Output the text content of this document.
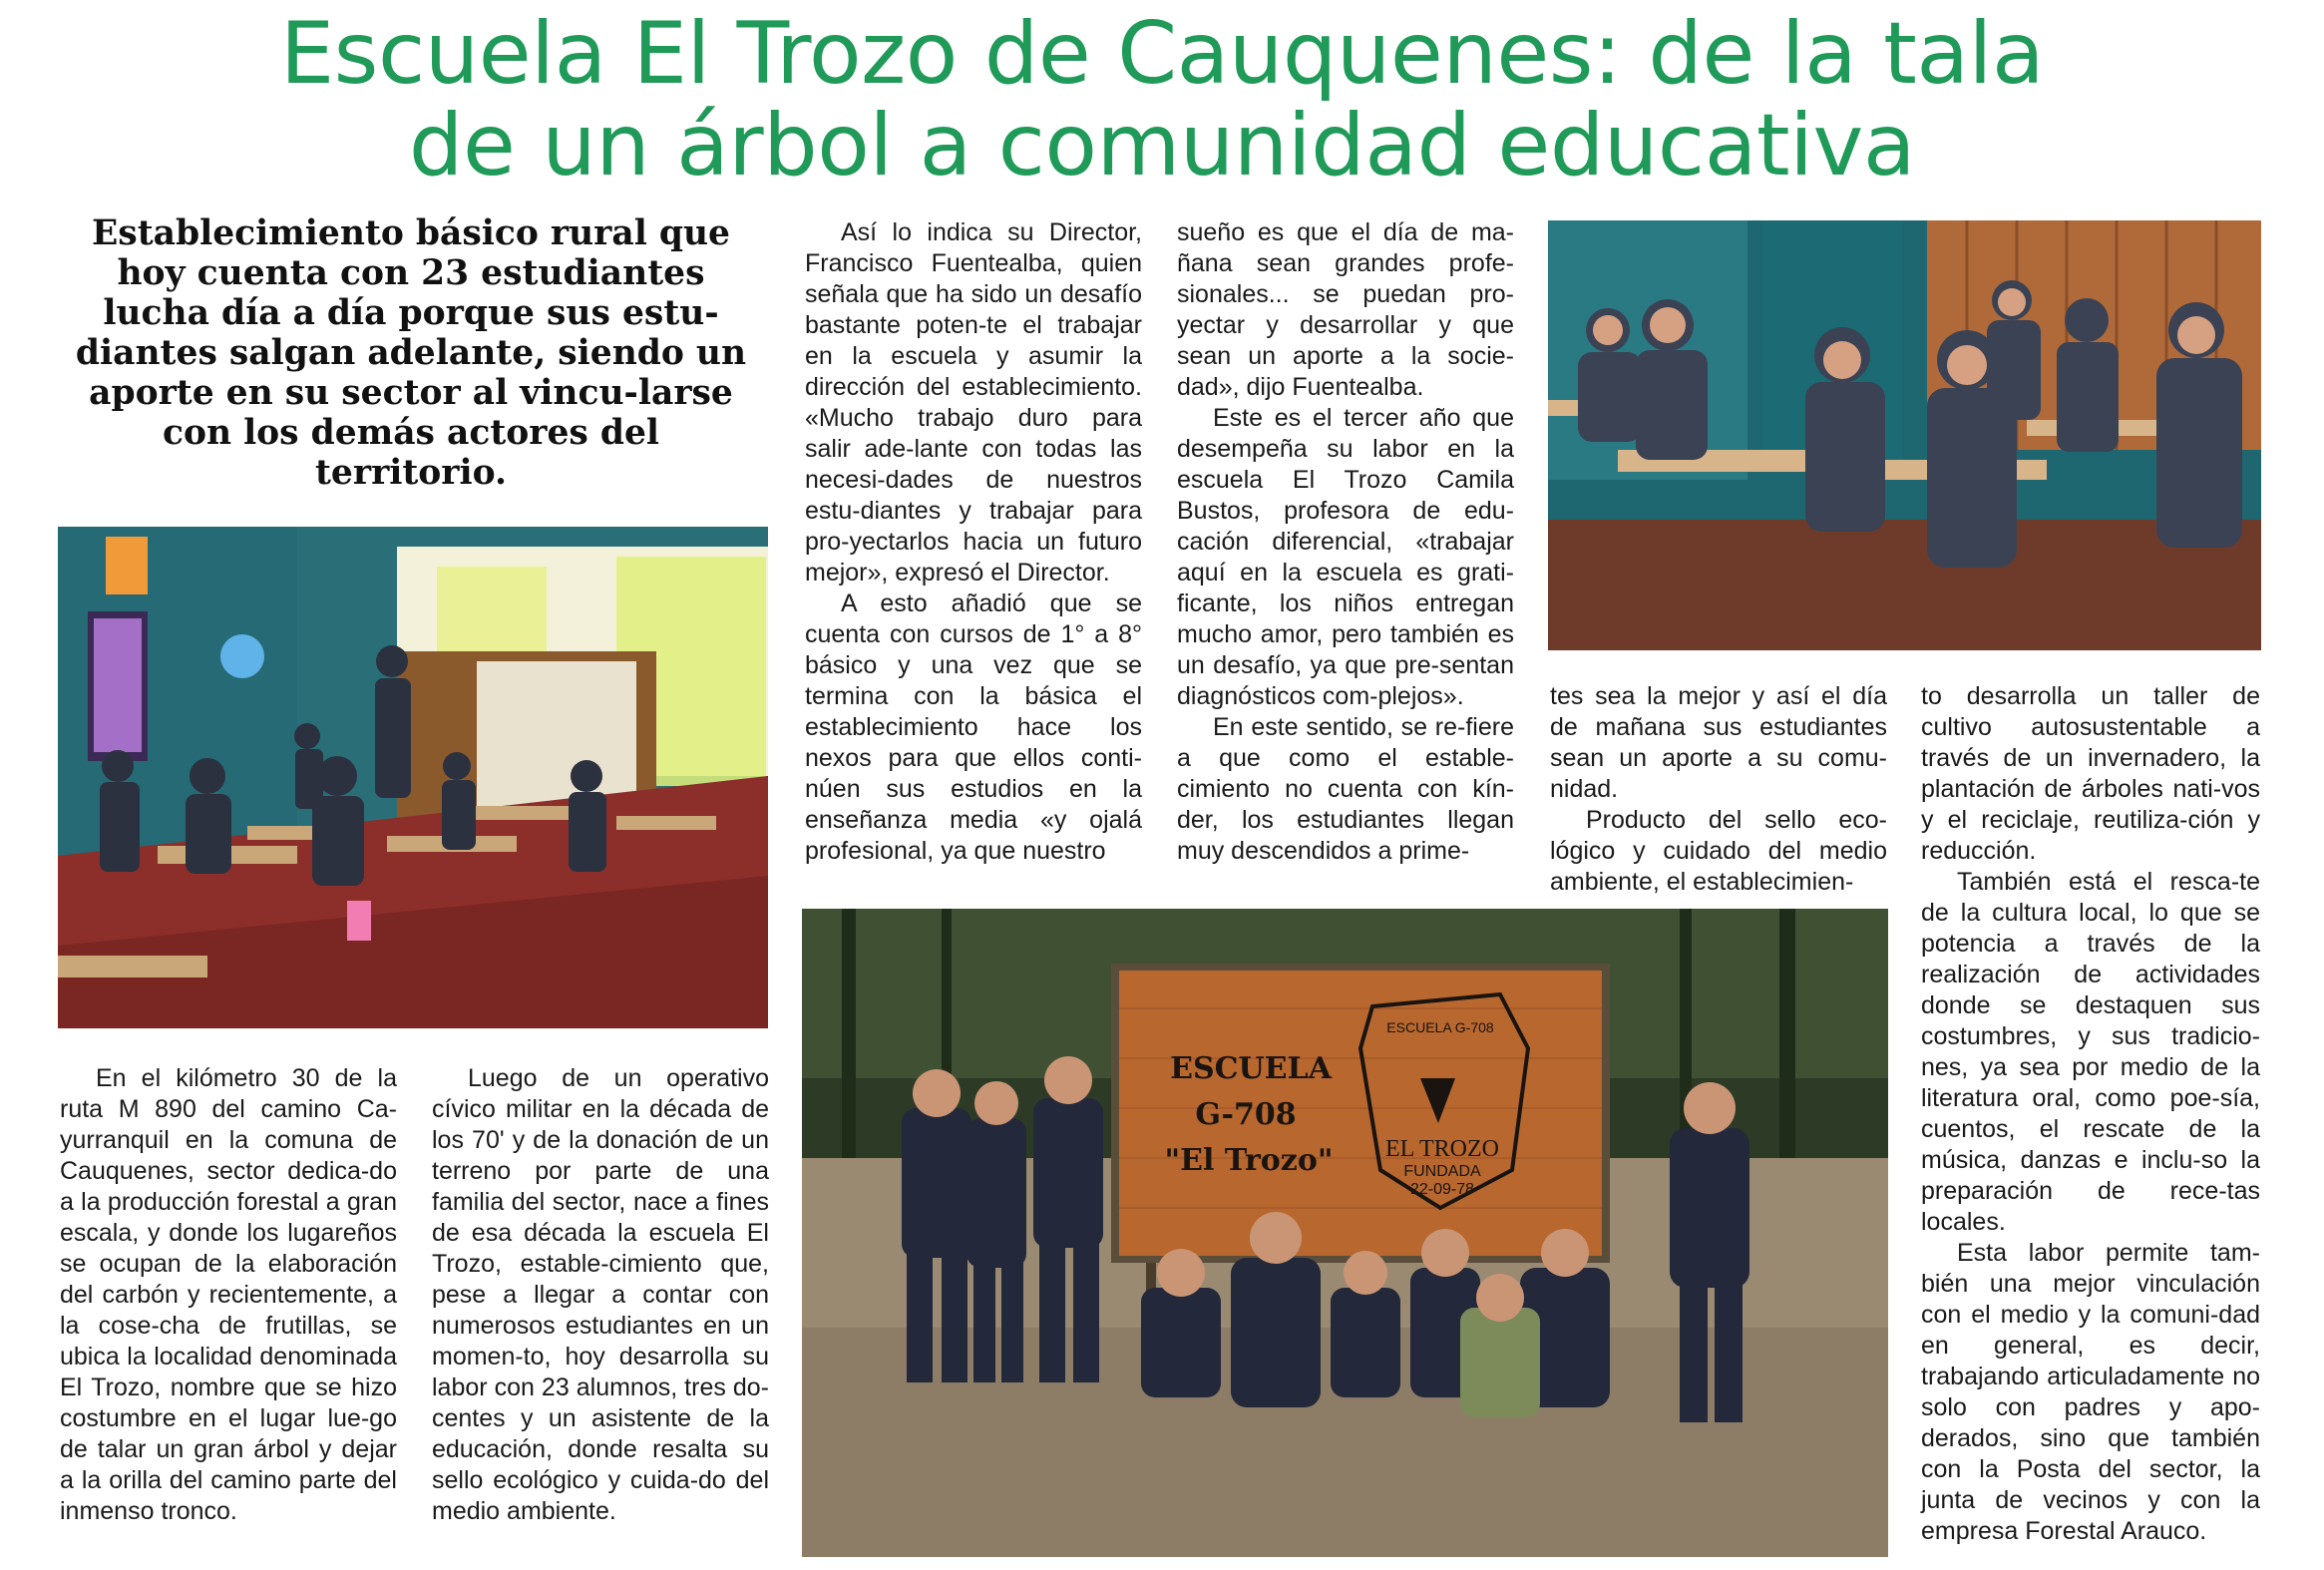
Escuela El Trozo de Cauquenes: de la tala
de un árbol a comunidad educativa
Establecimiento básico rural que hoy cuenta con 23 estudiantes lucha día a día porque sus estu-diantes salgan adelante, siendo un aporte en su sector al vincu-larse con los demás actores del territorio.
ESCUELA
G-708
"El Trozo"
ESCUELA G-708
EL TROZO
FUNDADA
22-09-78

En el kilómetro 30 de la ruta M 890 del camino Ca-yurranquil en la comuna de Cauquenes, sector dedica-do a la producción forestal a gran escala, y donde los lugareños se ocupan de la elaboración del carbón y recientemente, a la cose-cha de frutillas, se ubica la localidad denominada El Trozo, nombre que se hizo costumbre en el lugar lue-go de talar un gran árbol y dejar a la orilla del camino parte del inmenso tronco.

Luego de un operativo cívico militar en la década de los 70' y de la donación de un terreno por parte de una familia del sector, nace a fines de esa década la escuela El Trozo, estable-cimiento que, pese a llegar a contar con numerosos estudiantes en un momen-to, hoy desarrolla su labor con 23 alumnos, tres do-centes y un asistente de la educación, donde resalta su sello ecológico y cuida-do del medio ambiente.

Así lo indica su Director, Francisco Fuentealba, quien señala que ha sido un desafío bastante poten-te el trabajar en la escuela y asumir la dirección del establecimiento. «Mucho trabajo duro para salir ade-lante con todas las necesi-dades de nuestros estu-diantes y trabajar para pro-yectarlos hacia un futuro mejor», expresó el Director.

A esto añadió que se cuenta con cursos de 1° a 8° básico y una vez que se termina con la básica el establecimiento hace los nexos para que ellos conti-núen sus estudios en la enseñanza media «y ojalá profesional, ya que nuestro

sueño es que el día de ma-ñana sean grandes profe-sionales... se puedan pro-yectar y desarrollar y que sean un aporte a la socie-dad», dijo Fuentealba.

Este es el tercer año que desempeña su labor en la escuela El Trozo Camila Bustos, profesora de edu-cación diferencial, «trabajar aquí en la escuela es grati-ficante, los niños entregan mucho amor, pero también es un desafío, ya que pre-sentan diagnósticos com-plejos».

En este sentido, se re-fiere a que como el estable-cimiento no cuenta con kín-der, los estudiantes llegan muy descendidos a prime-

tes sea la mejor y así el día de mañana sus estudiantes sean un aporte a su comu-nidad.

Producto del sello eco-lógico y cuidado del medio ambiente, el establecimien-

to desarrolla un taller de cultivo autosustentable a través de un invernadero, la plantación de árboles nati-vos y el reciclaje, reutiliza-ción y reducción.

También está el resca-te de la cultura local, lo que se potencia a través de la realización de actividades donde se destaquen sus costumbres, y sus tradicio-nes, ya sea por medio de la literatura oral, como poe-sía, cuentos, el rescate de la música, danzas e inclu-so la preparación de rece-tas locales.

Esta labor permite tam-bién una mejor vinculación con el medio y la comuni-dad en general, es decir, trabajando articuladamente no solo con padres y apo-derados, sino que también con la Posta del sector, la junta de vecinos y con la empresa Forestal Arauco.
